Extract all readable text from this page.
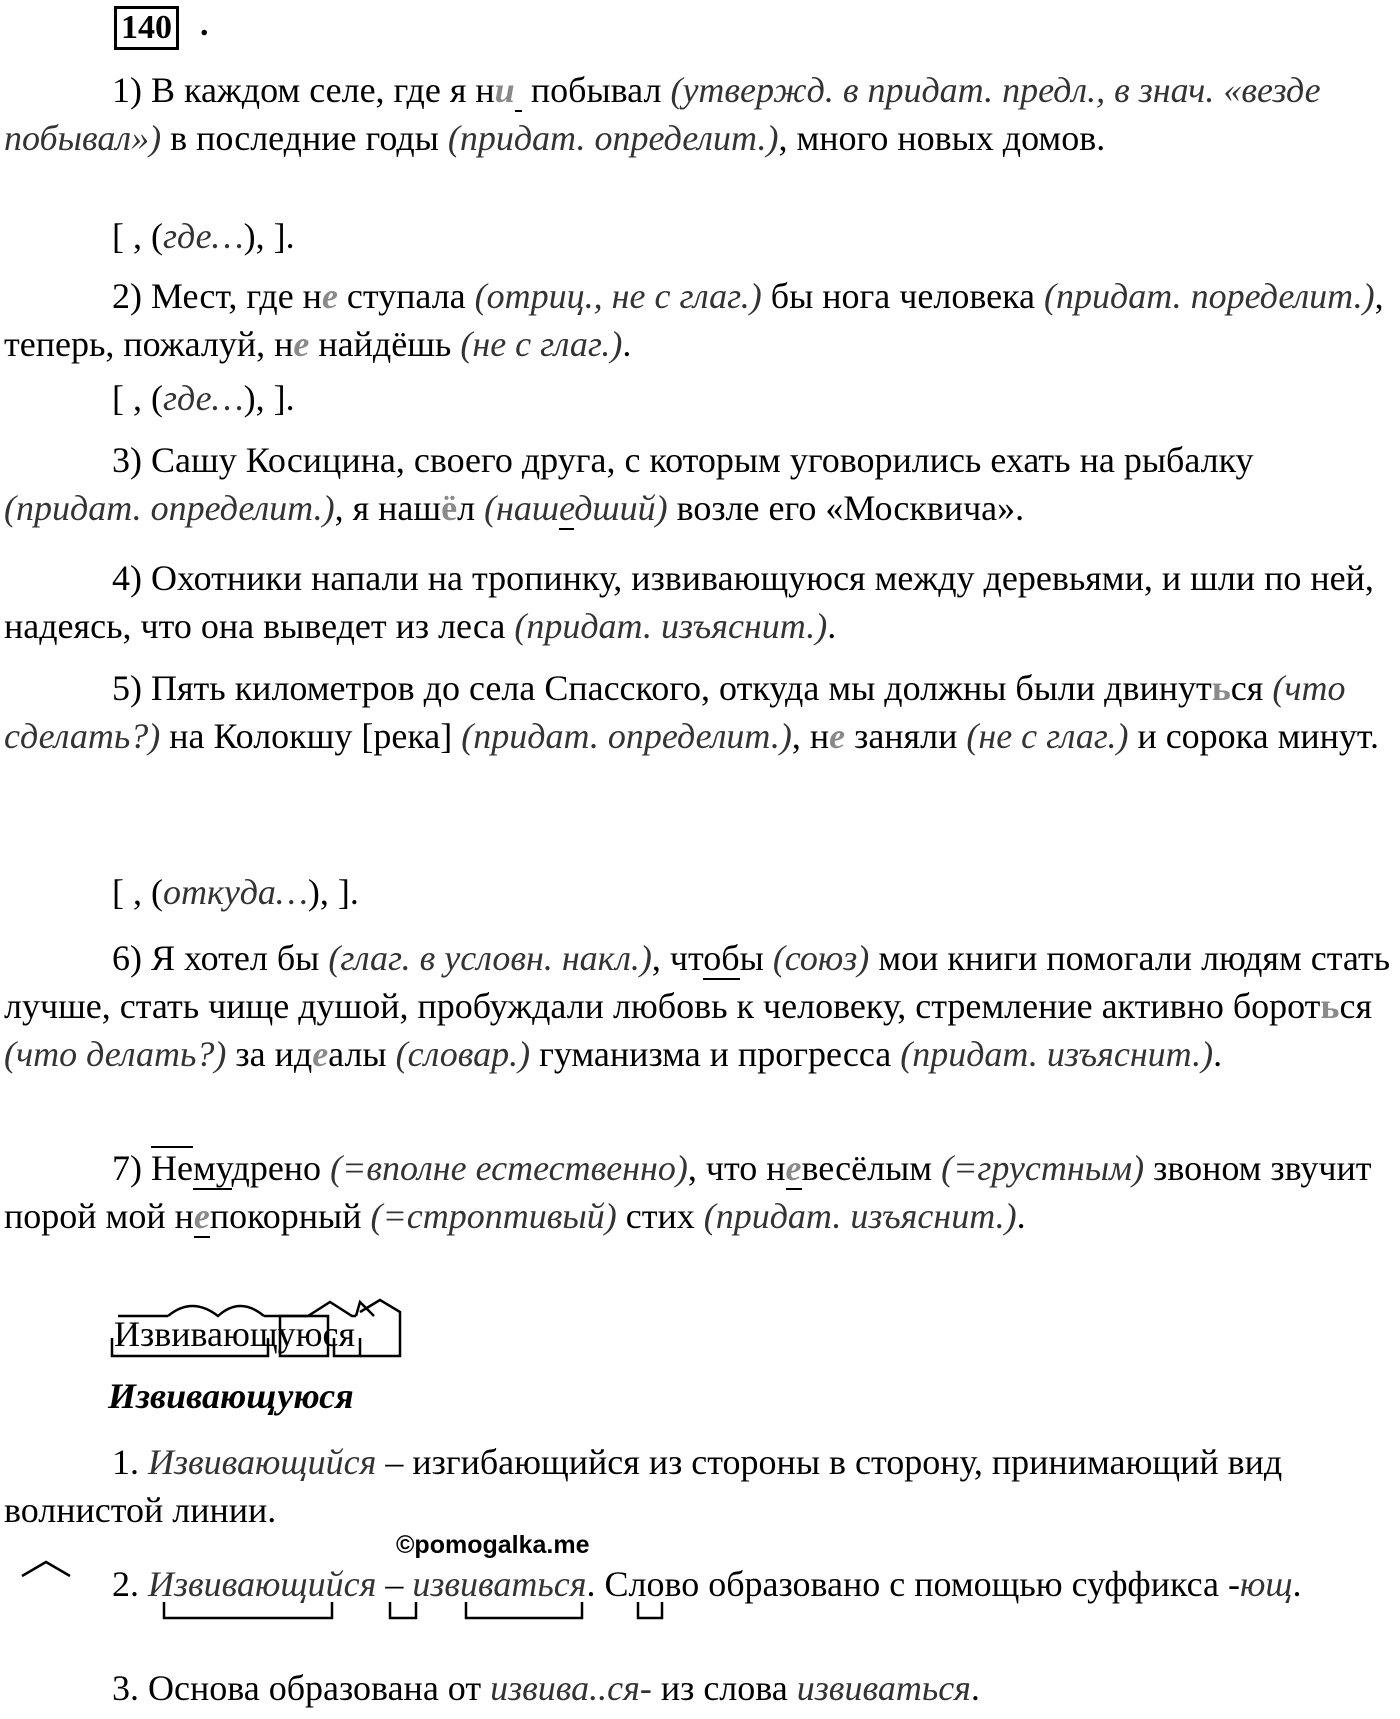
140 .

1) В каждом селе, где я ни  побывал (утвержд. в придат. предл., в знач. «везде побывал») в последние годы (придат. определит.), много новых домов.

[ , (где…), ].

2) Мест, где не ступала (отриц., не с глаг.) бы нога человека (придат. поределит.), теперь, пожалуй, не найдёшь (не с глаг.).

[ , (где…), ].

3) Сашу Косицина, своего друга, с которым уговорились ехать на рыбалку (придат. определит.), я нашёл (нашедший) возле его «Москвича».

4) Охотники напали на тропинку, извивающуюся между деревьями, и шли по ней, надеясь, что она выведет из леса (придат. изъяснит.).

5) Пять километров до села Спасского, откуда мы должны были двинуться (что сделать?) на Колокшу [река] (придат. определит.), не заняли (не с глаг.) и сорока минут.

[ , (откуда…), ].

6) Я хотел бы (глаг. в условн. накл.), чтобы (союз) мои книги помогали людям стать лучше, стать чище душой, пробуждали любовь к человеку, стремление активно бороться (что делать?) за идеалы (словар.) гуманизма и прогресса (придат. изъяснит.).

7) Немудрено (=вполне естественно), что невесёлым (=грустным) звоном звучит порой мой непокорный (=строптивый) стих (придат. изъяснит.).

Извивающуюся

Извивающуюся

1. Извивающийся – изгибающийся из стороны в сторону, принимающий вид волнистой линии.

©pomogalka.me

2. Извивающийся – извиваться. Слово образовано с помощью суффикса -ющ.

3. Основа образована от извива..ся- из слова извиваться.
